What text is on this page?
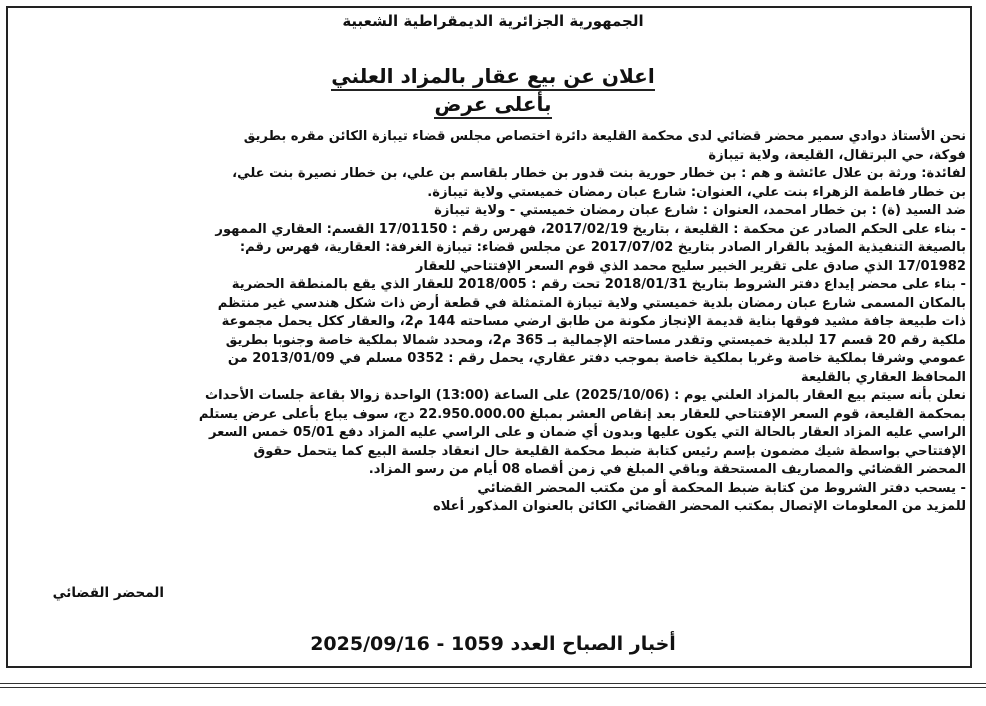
الجمهورية الجزائرية الديمقراطية الشعبية
اعلان عن بيع عقار بالمزاد العلني
بأعلى عرض

نحن الأستاذ دوادي سمير محضر قضائي لدى محكمة القليعة دائرة اختصاص مجلس قضاء تيبازة الكائن مقره بطريق

فوكة، حي البرتقال، القليعة، ولاية تيبازة

لفائدة: ورثة بن علال عائشة و هم : بن خطار حورية بنت قدور بن خطار بلقاسم بن علي، بن خطار نصيرة بنت علي،

بن خطار فاطمة الزهراء بنت علي، العنوان: شارع عبان رمضان خميستي ولاية تيبازة.

ضد السيد (ة) : بن خطار امحمد، العنوان : شارع عبان رمضان خميستي - ولاية تيبازة

- بناء على الحكم الصادر عن محكمة : القليعة ، بتاريخ 2017/02/19، فهرس رقم : 17/01150 القسم: العقاري الممهور

بالصيغة التنفيذية المؤيد بالقرار الصادر بتاريخ 2017/07/02 عن مجلس قضاء: تيبازة الغرفة: العقارية، فهرس رقم:

17/01982 الذي صادق على تقرير الخبير سليح محمد الذي قوم السعر الإفتتاحي للعقار

- بناء على محضر إيداع دفتر الشروط بتاريخ 2018/01/31 تحت رقم : 2018/005 للعقار الذي يقع بالمنطقة الحضرية

بالمكان المسمى شارع عبان رمضان بلدية خميستي ولاية تيبازة المتمثلة في قطعة أرض ذات شكل هندسي غير منتظم

ذات طبيعة جافة مشيد فوقها بناية قديمة الإنجاز مكونة من طابق ارضي مساحته 144 م2، والعقار ككل يحمل مجموعة

ملكية رقم 20 قسم 17 لبلدية خميستي وتقدر مساحته الإجمالية بـ 365 م2، ومحدد شمالا بملكية خاصة وجنوبا بطريق

عمومي وشرقا بملكية خاصة وغربا بملكية خاصة بموجب دفتر عقاري، يحمل رقم : 0352 مسلم في 2013/01/09 من

المحافظ العقاري بالقليعة

نعلن بأنه سيتم بيع العقار بالمزاد العلني يوم : (2025/10/06) على الساعة (13:00) الواحدة زوالا بقاعة جلسات الأحداث

بمحكمة القليعة، قوم السعر الإفتتاحي للعقار بعد إنقاص العشر بمبلغ 22.950.000.00 دج، سوف يباع بأعلى عرض يستلم

الراسي عليه المزاد العقار بالحالة التي يكون عليها وبدون أي ضمان و على الراسي عليه المزاد دفع 05/01 خمس السعر

الإفتتاحي بواسطة شيك مضمون بإسم رئيس كتابة ضبط محكمة القليعة حال انعقاد جلسة البيع كما يتحمل حقوق

المحضر القضائي والمصاريف المستحقة وباقي المبلغ في زمن أقصاه 08 أيام من رسو المزاد.

- يسحب دفتر الشروط من كتابة ضبط المحكمة أو من مكتب المحضر القضائي

للمزيد من المعلومات الإتصال بمكتب المحضر القضائي الكائن بالعنوان المذكور أعلاه

المحضر القضائي
أخبار الصباح العدد 1059 - 2025/09/16
